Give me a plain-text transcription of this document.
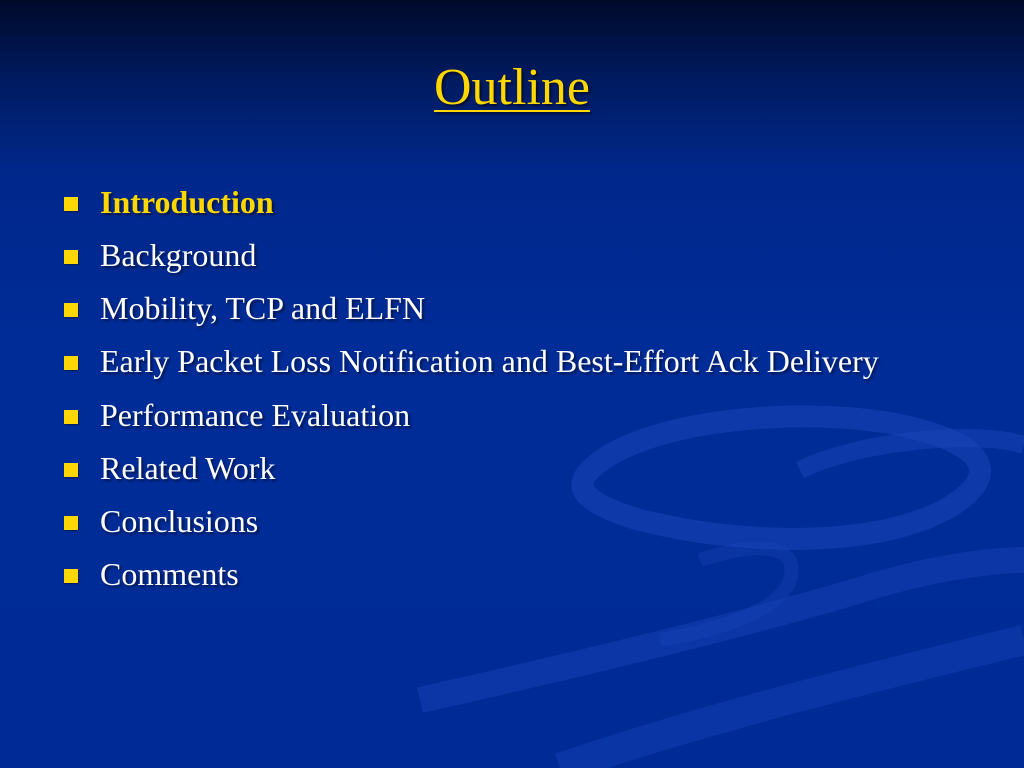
Outline
Introduction
Background
Mobility, TCP and ELFN
Early Packet Loss Notification and Best-Effort Ack Delivery
Performance Evaluation
Related Work
Conclusions
Comments
